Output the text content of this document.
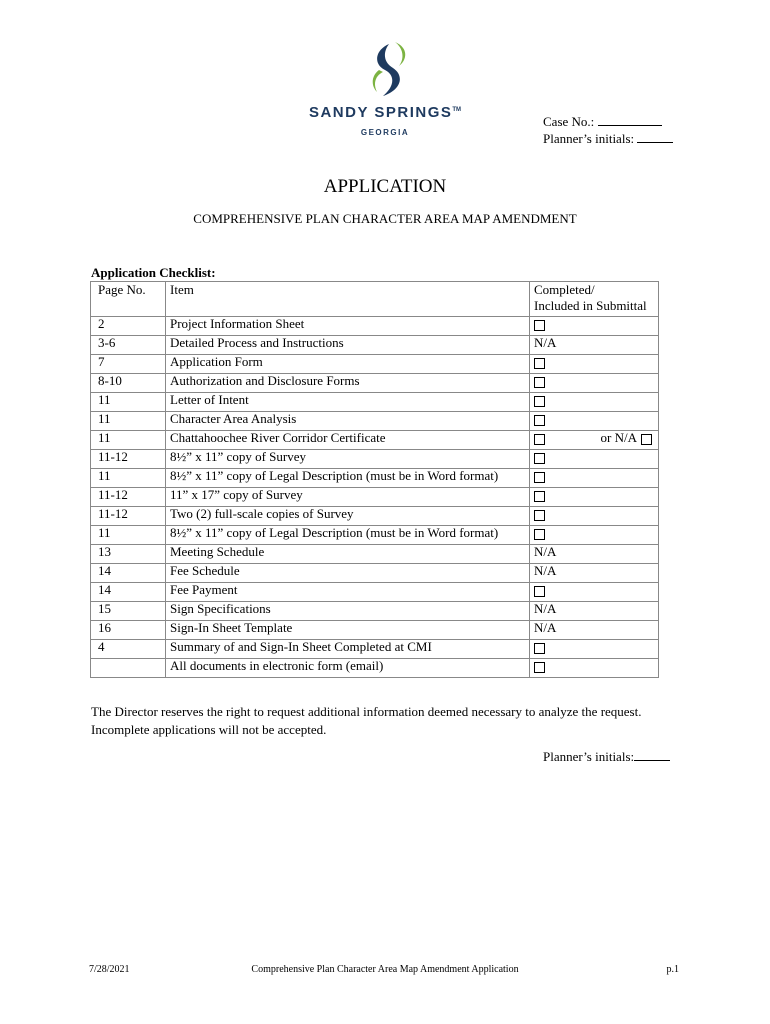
SANDY SPRINGS™
GEORGIA
Case No.:
Planner’s initials:
APPLICATION
COMPREHENSIVE PLAN CHARACTER AREA MAP AMENDMENT
Application Checklist:
Page No.	Item	Completed/
Included in Submittal
2	Project Information Sheet	
3-6	Detailed Process and Instructions	N/A
7	Application Form	
8-10	Authorization and Disclosure Forms	
11	Letter of Intent	
11	Character Area Analysis	
11	Chattahoochee River Corridor Certificate	or N/A

11-12	8½” x 11” copy of Survey	
11	8½” x 11” copy of Legal Description (must be in Word format)	
11-12	11” x 17” copy of Survey	
11-12	Two (2) full-scale copies of Survey	
11	8½” x 11” copy of Legal Description (must be in Word format)	
13	Meeting Schedule	N/A
14	Fee Schedule	N/A
14	Fee Payment	
15	Sign Specifications	N/A
16	Sign-In Sheet Template	N/A
4	Summary of and Sign-In Sheet Completed at CMI	
	All documents in electronic form (email)	
The Director reserves the right to request additional information deemed necessary to analyze the request.
Incomplete applications will not be accepted.
Planner’s initials:
7/28/2021	Comprehensive Plan Character Area Map Amendment Application	p.1
